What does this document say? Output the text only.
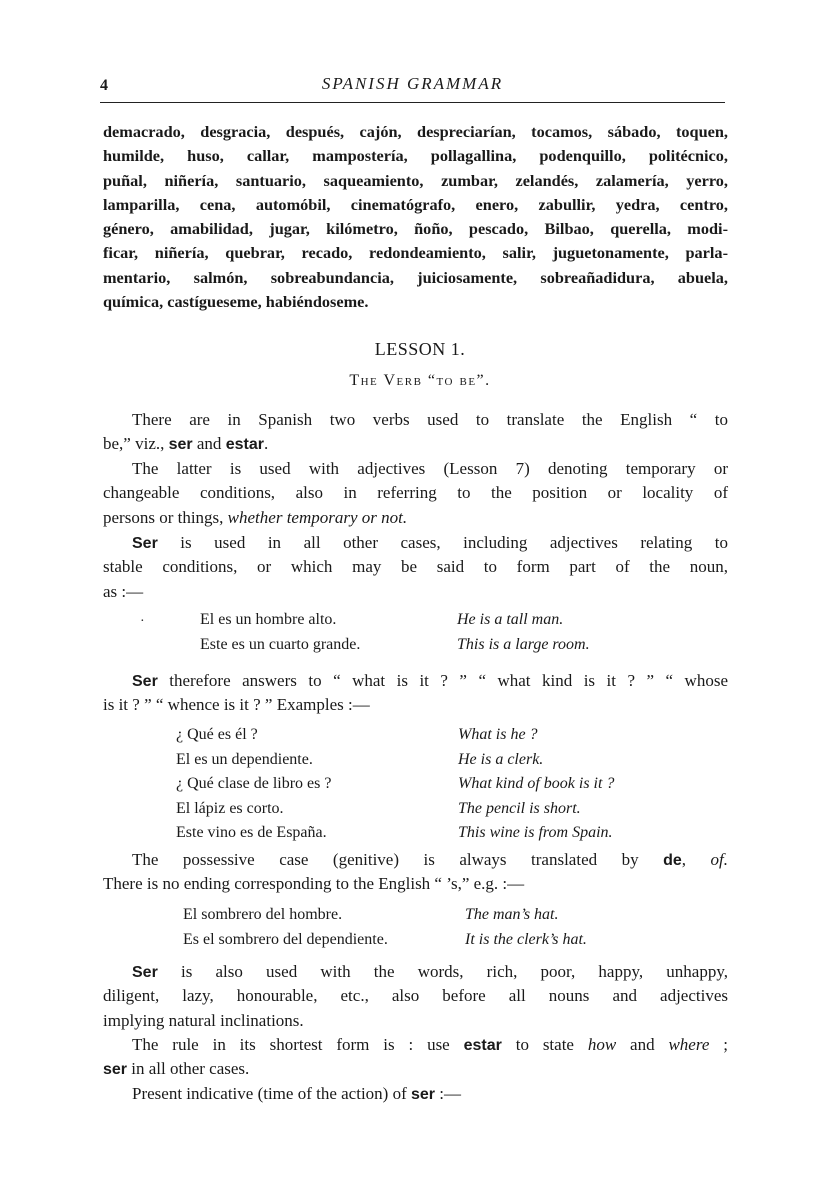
4	SPANISH GRAMMAR
demacrado, desgracia, después, cajón, despreciarían, tocamos, sábado, toquen,
humilde, huso, callar, mampostería, pollagallina, podenquillo, politécnico,
puñal, niñería, santuario, saqueamiento, zumbar, zelandés, zalamería, yerro,
lamparilla, cena, automóbil, cinematógrafo, enero, zabullir, yedra, centro,
género, amabilidad, jugar, kilómetro, ñoño, pescado, Bilbao, querella, modi-
ficar, niñería, quebrar, recado, redondeamiento, salir, juguetonamente, parla-
mentario, salmón, sobreabundancia, juiciosamente, sobreañadidura, abuela,
química, castígueseme, habiéndoseme.
LESSON 1.
The Verb “to be”.
There are in Spanish two verbs used to translate the English “ to
be,” viz., ser and estar.
The latter is used with adjectives (Lesson 7) denoting temporary or
changeable conditions, also in referring to the position or locality of
persons or things, whether temporary or not.
Ser is used in all other cases, including adjectives relating to
stable conditions, or which may be said to form part of the noun,
as :—
·	El es un hombre alto.	He is a tall man.
Este es un cuarto grande.	This is a large room.
Ser therefore answers to “ what is it ? ” “ what kind is it ? ” “ whose
is it ? ” “ whence is it ? ” Examples :—
¿ Qué es él ?	What is he ?
El es un dependiente.	He is a clerk.
¿ Qué clase de libro es ?	What kind of book is it ?
El lápiz es corto.	The pencil is short.
Este vino es de España.	This wine is from Spain.
The possessive case (genitive) is always translated by de, of.
There is no ending corresponding to the English “ ’s,” e.g. :—
El sombrero del hombre.	The man’s hat.
Es el sombrero del dependiente.	It is the clerk’s hat.
Ser is also used with the words, rich, poor, happy, unhappy,
diligent, lazy, honourable, etc., also before all nouns and adjectives
implying natural inclinations.
The rule in its shortest form is : use estar to state how and where ;
ser in all other cases.
Present indicative (time of the action) of ser :—
